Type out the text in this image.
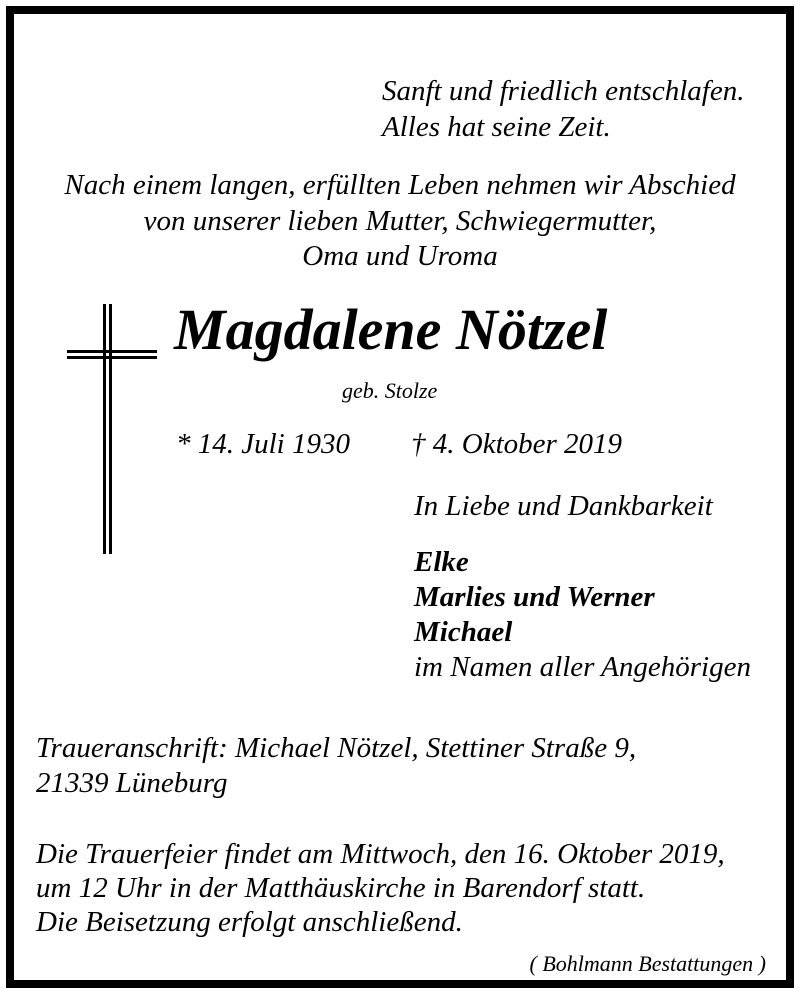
Sanft und friedlich entschlafen.
Alles hat seine Zeit.
Nach einem langen, erfüllten Leben nehmen wir Abschied
von unserer lieben Mutter, Schwiegermutter,
Oma und Uroma
Magdalene Nötzel
geb. Stolze
* 14. Juli 1930 † 4. Oktober 2019
In Liebe und Dankbarkeit
Elke
Marlies und Werner
Michael
im Namen aller Angehörigen
Traueranschrift: Michael Nötzel, Stettiner Straße 9,
21339 Lüneburg
Die Trauerfeier findet am Mittwoch, den 16. Oktober 2019,
um 12 Uhr in der Matthäuskirche in Barendorf statt.
Die Beisetzung erfolgt anschließend.
( Bohlmann Bestattungen )
